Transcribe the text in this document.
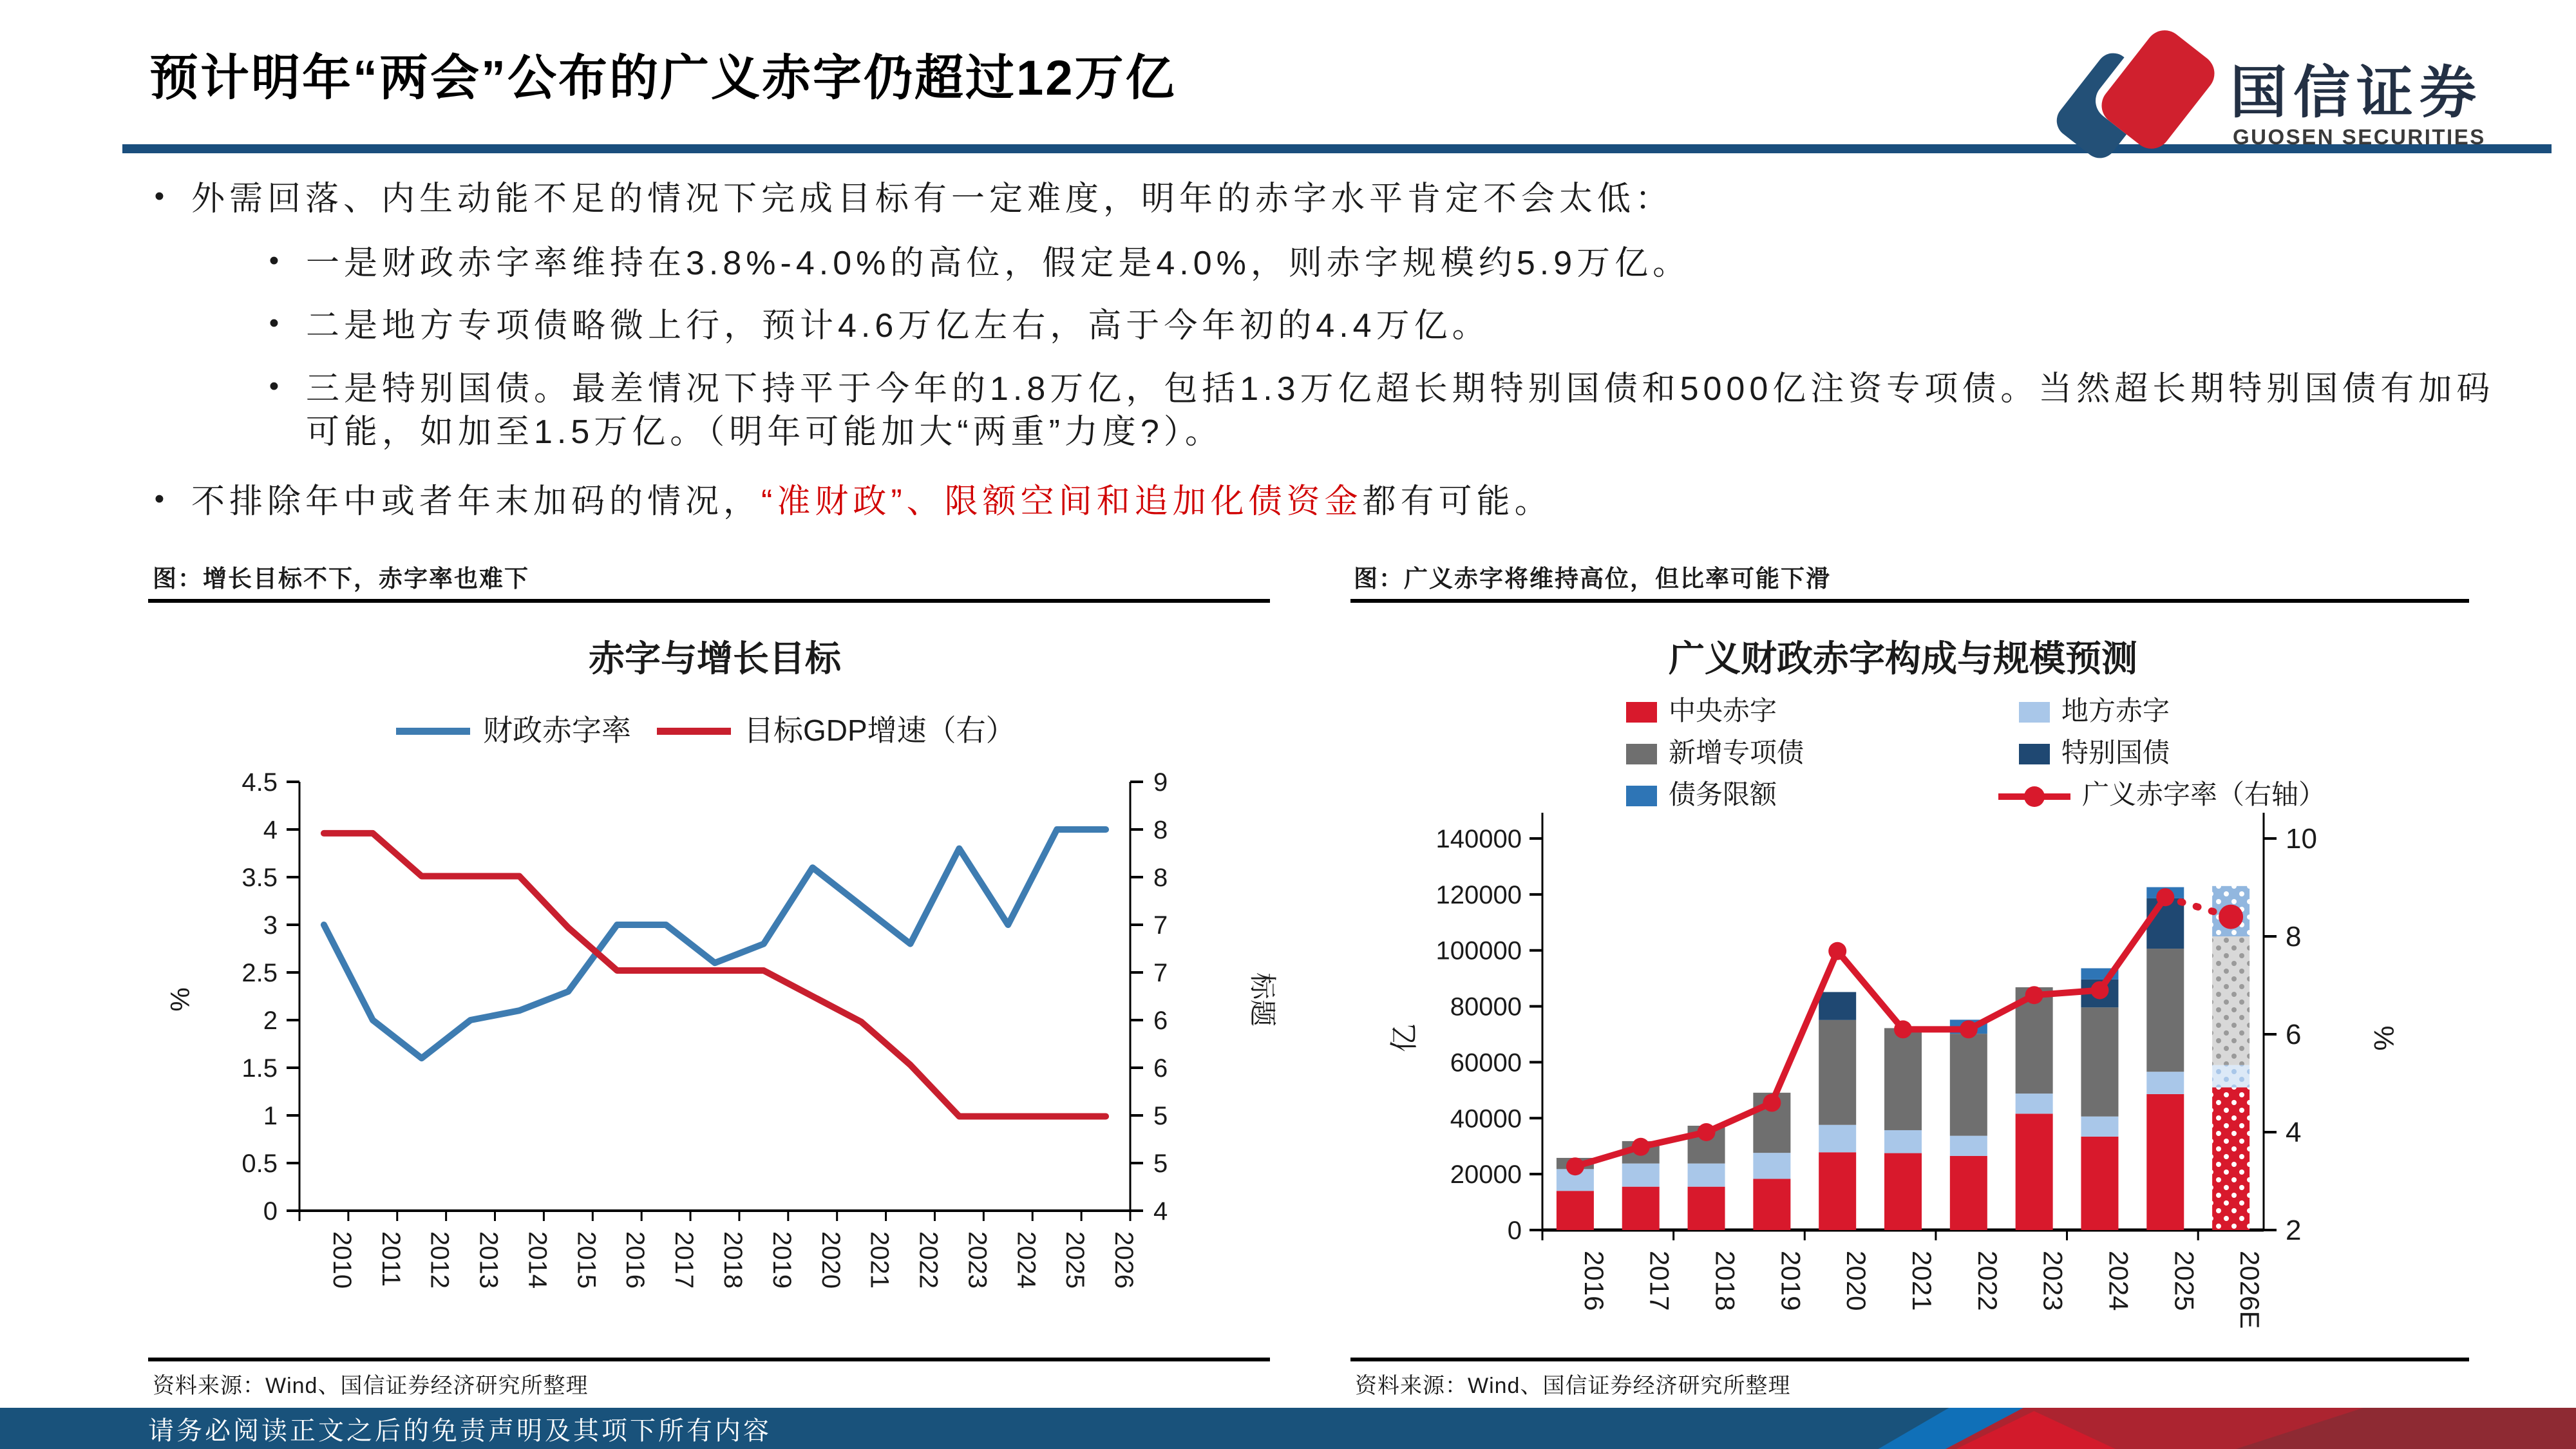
预计明年“两会”公布的广义赤字仍超过12万亿	国信证券
GUOSEN SECURITIES
• 外需回落、内生动能不足的情况下完成目标有一定难度，明年的赤字水平肯定不会太低：
• 一是财政赤字率维持在3.8%-4.0%的高位，假定是4.0%，则赤字规模约5.9万亿。
• 二是地方专项债略微上行，预计4.6万亿左右，高于今年初的4.4万亿。
• 三是特别国债。最差情况下持平于今年的1.8万亿，包括1.3万亿超长期特别国债和5000亿注资专项债。当然超长期特别国债有加码可能，如加至1.5万亿。（明年可能加大“两重”力度?）。
• 不排除年中或者年末加码的情况，“准财政”、限额空间和追加化债资金都有可能。
图：增长目标不下，赤字率也难下
赤字与增长目标
财政赤字率	目标GDP增速（右）
%	标题
0	4
0.5	5
1	5
1.5	6
2	6
2.5	7
3	7
3.5	8
4	8
4.5	9
2010 2011 2012 2013 2014 2015 2016 2017 2018 2019 2020 2021 2022 2023 2024 2025 2026
资料来源：Wind、国信证券经济研究所整理
图：广义赤字将维持高位，但比率可能下滑
广义财政赤字构成与规模预测
中央赤字	地方赤字
新增专项债	特别国债
债务限额	广义赤字率（右轴）
亿	%
0
20000
40000
60000
80000
100000
120000
140000
2
4
6
8
10
2016 2017 2018 2019 2020 2021 2022 2023 2024 2025 2026E
资料来源：Wind、国信证券经济研究所整理
请务必阅读正文之后的免责声明及其项下所有内容
